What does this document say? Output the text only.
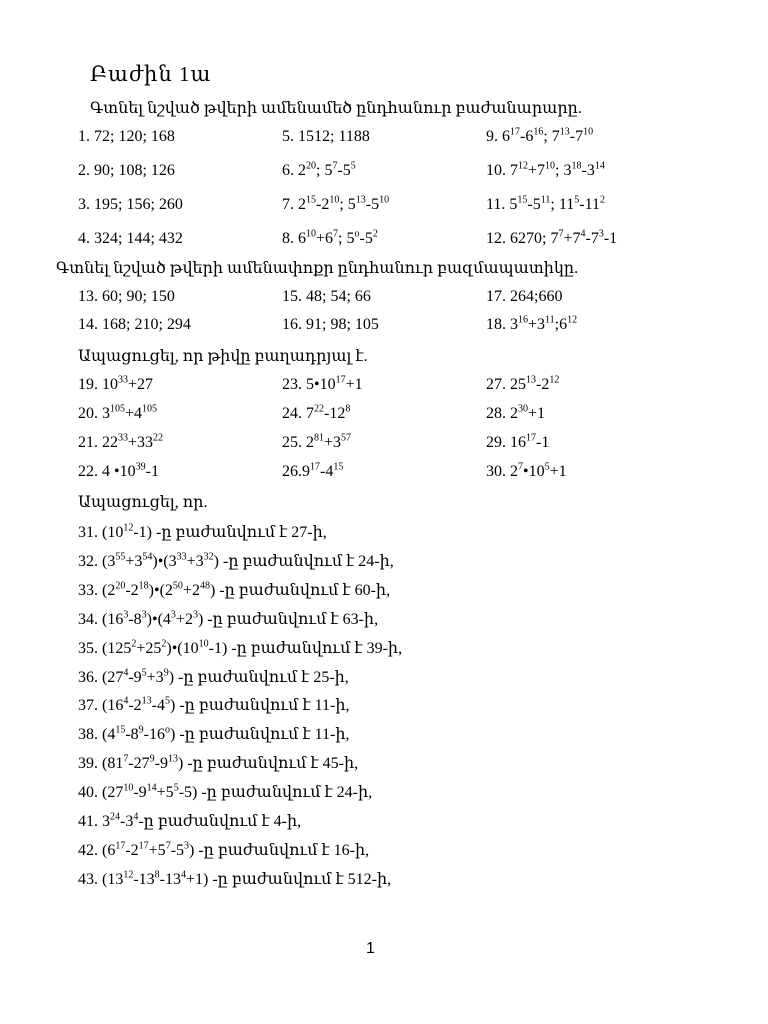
Բաժին 1ա
Գտնել նշված թվերի ամենամեծ ընդհանուր բաժանարարը.
1. 72; 120; 168	5. 1512; 1188	9. $6^{17}-6^{16}$; $7^{13}-7^{10}$
2. 90; 108; 126	6. $2^{20}$; $5^7-5^5$	10. $7^{12}+7^{10}$; $3^{18}-3^{14}$
3. 195; 156; 260	7. $2^{15}-2^{10}$; $5^{13}-5^{10}$	11. $5^{15}-5^{11}$; $11^5-11^2$
4. 324; 144; 432	8. $6^{10}+6^7$; $5^o-5^2$	12. 6270; $7^7+7^4-7^3-1$
Գտնել նշված թվերի ամենափոքր ընդհանուր բազմապատիկը.
13. 60; 90; 150	15. 48; 54; 66	17. 264;660
14. 168; 210; 294	16. 91; 98; 105	18. $3^{16}+3^{11};6^{12}$
Ապացուցել, որ թիվը բաղադրյալ է.
19. $10^{33}+27$	23. $5•10^{17}+1$	27. $25^{13}-2^{12}$
20. $3^{105}+4^{105}$	24. $7^{22}-12^8$	28. $2^{30}+1$
21. $22^{33}+33^{22}$	25. $2^{81}+3^{57}$	29. $16^{17}-1$
22. 4 $•10^{39}-1$	$26.9^{17}-4^{15}$	30. $2^7•10^5+1$
Ապացուցել, որ.
31. $(10^{12}-1)$ -ը բաժանվում է 27-ի,
32. $(3^{55}+3^{54})•(3^{33}+3^{32})$ -ը բաժանվում է 24-ի,
33. $(2^{20}-2^{18})•(2^{50}+2^{48})$ -ը բաժանվում է 60-ի,
34. $(16^3-8^3)•(4^3+2^3)$ -ը բաժանվում է 63-ի,
35. $(125^2+25^2)•(10^{10}-1)$ -ը բաժանվում է 39-ի,
36. $(27^4-9^5+3^9)$ -ը բաժանվում է 25-ի,
37. $(16^4-2^{13}-4^5)$ -ը բաժանվում է 11-ի,
38. $(4^{15}-8^9-16^o)$ -ը բաժանվում է 11-ի,
39. $(81^7-27^9-9^{13})$ -ը բաժանվում է 45-ի,
40. $(27^{10}-9^{14}+5^5-5)$ -ը բաժանվում է 24-ի,
41. $3^{24}-3^4-ը$ բաժանվում է 4-ի,
42. $(6^{17}-2^{17}+5^7-5^3)$ -ը բաժանվում է 16-ի,
43. $(13^{12}-13^8-13^4+1)$ -ը բաժանվում է 512-ի,
1
